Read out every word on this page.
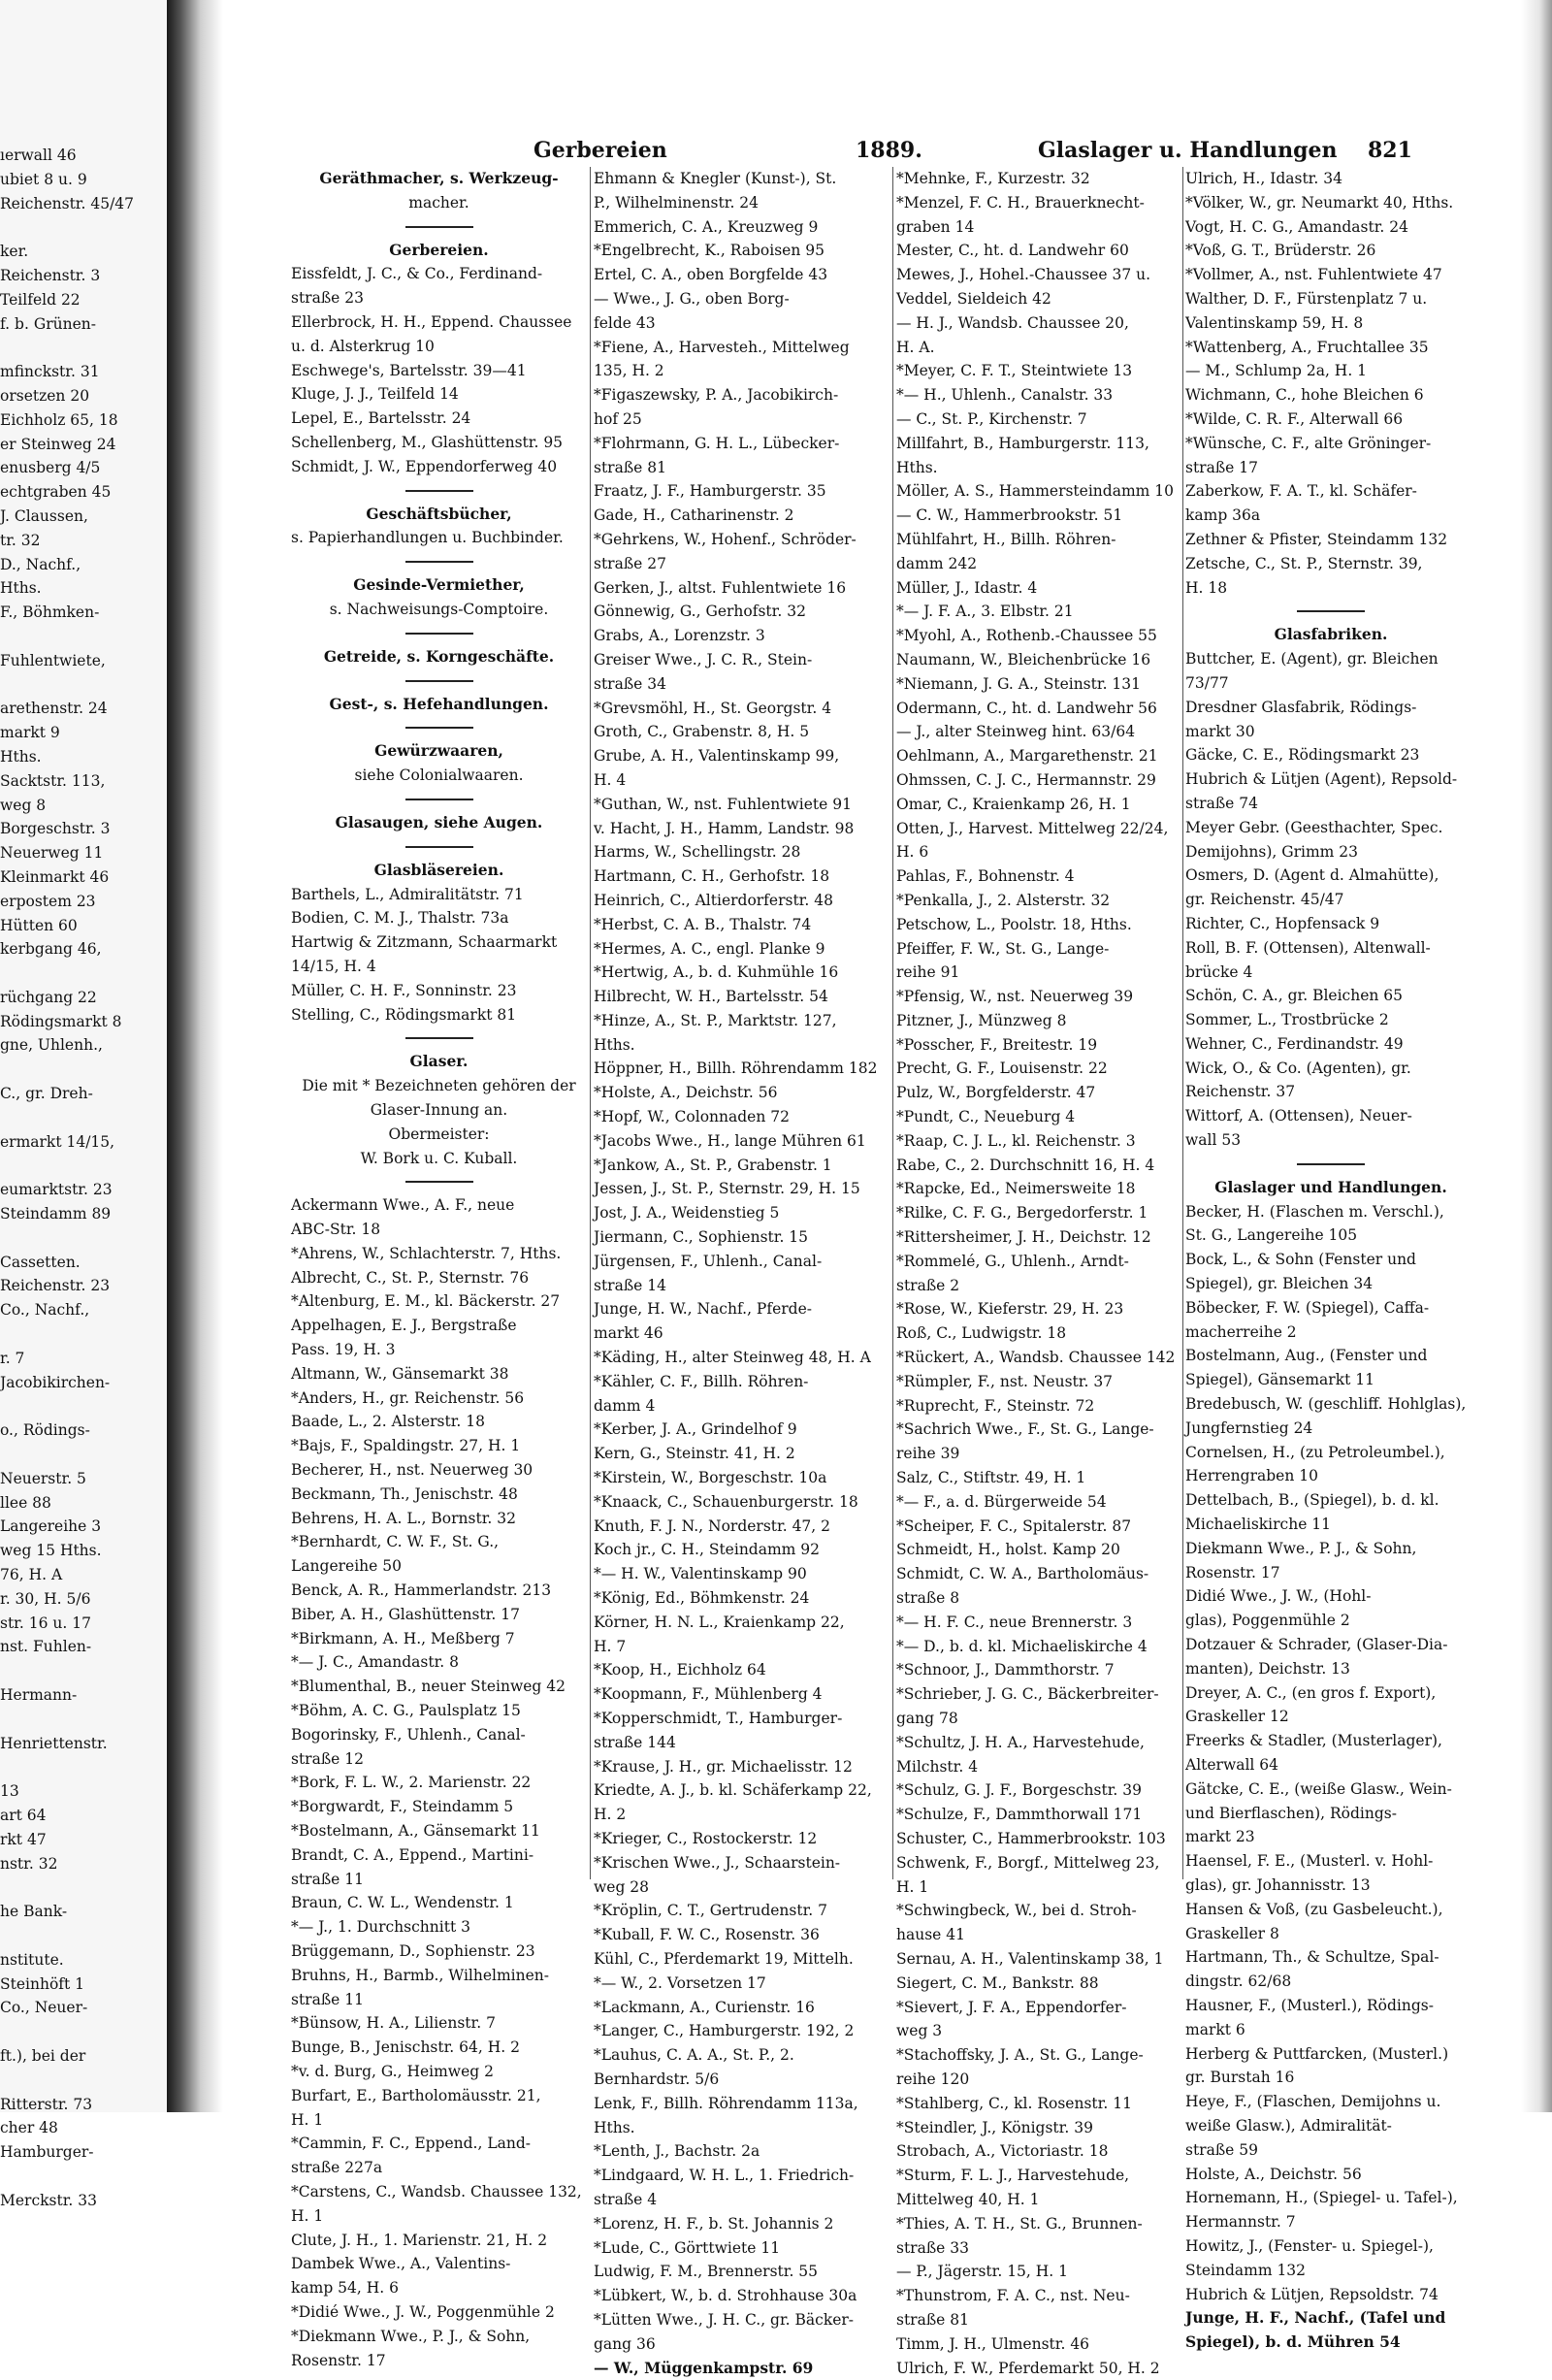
ıerwall 46
ubiet 8 u. 9
Reichenstr. 45/47

ker.
Reichenstr. 3
Teilfeld 22
f. b. Grünen-

mfinckstr. 31
orsetzen 20
Eichholz 65, 18
er Steinweg 24
enusberg 4/5
echtgraben 45
J. Claussen,
tr. 32
D., Nachf.,
Hths.
F., Böhmken-

Fuhlentwiete,

arethenstr. 24
markt 9
Hths.
Sacktstr. 113,
weg 8
Borgeschstr. 3
Neuerweg 11
Kleinmarkt 46
erpostem 23
Hütten 60
kerbgang 46,

rüchgang 22
Rödingsmarkt 8
gne, Uhlenh.,

C., gr. Dreh-

ermarkt 14/15,

eumarktstr. 23
Steindamm 89

Cassetten.
Reichenstr. 23
Co., Nachf.,

r. 7
Jacobikirchen-

o., Rödings-

Neuerstr. 5
llee 88
Langereihe 3
weg 15 Hths.
76, H. A
r. 30, H. 5/6
str. 16 u. 17
nst. Fuhlen-

Hermann-

Henriettenstr.

13
art 64
rkt 47
nstr. 32

he Bank-

nstitute.
Steinhöft 1
Co., Neuer-

ft.), bei der

Ritterstr. 73
cher 48
Hamburger-

Merckstr. 33
Gerbereien	1889.	Glaslager u. Handlungen 821
Geräthmacher, s. Werkzeug-
macher.
Gerbereien.
Eissfeldt, J. C., & Co., Ferdinand-
straße 23
Ellerbrock, H. H., Eppend. Chaussee
u. d. Alsterkrug 10
Eschwege's, Bartelsstr. 39—41
Kluge, J. J., Teilfeld 14
Lepel, E., Bartelsstr. 24
Schellenberg, M., Glashüttenstr. 95
Schmidt, J. W., Eppendorferweg 40
Geschäftsbücher,
s. Papierhandlungen u. Buchbinder.
Gesinde-Vermiether,
s. Nachweisungs-Comptoire.
Getreide, s. Korngeschäfte.
Gest-, s. Hefehandlungen.
Gewürzwaaren,
siehe Colonialwaaren.
Glasaugen, siehe Augen.
Glasbläsereien.
Barthels, L., Admiralitätstr. 71
Bodien, C. M. J., Thalstr. 73a
Hartwig & Zitzmann, Schaarmarkt
14/15, H. 4
Müller, C. H. F., Sonninstr. 23
Stelling, C., Rödingsmarkt 81
Glaser.
Die mit * Bezeichneten gehören der
Glaser-Innung an.
Obermeister:
W. Bork u. C. Kuball.
Ackermann Wwe., A. F., neue
ABC-Str. 18
*Ahrens, W., Schlachterstr. 7, Hths.
Albrecht, C., St. P., Sternstr. 76
*Altenburg, E. M., kl. Bäckerstr. 27
Appelhagen, E. J., Bergstraße
Pass. 19, H. 3
Altmann, W., Gänsemarkt 38
*Anders, H., gr. Reichenstr. 56
Baade, L., 2. Alsterstr. 18
*Bajs, F., Spaldingstr. 27, H. 1
Becherer, H., nst. Neuerweg 30
Beckmann, Th., Jenischstr. 48
Behrens, H. A. L., Bornstr. 32
*Bernhardt, C. W. F., St. G.,
Langereihe 50
Benck, A. R., Hammerlandstr. 213
Biber, A. H., Glashüttenstr. 17
*Birkmann, A. H., Meßberg 7
*— J. C., Amandastr. 8
*Blumenthal, B., neuer Steinweg 42
*Böhm, A. C. G., Paulsplatz 15
Bogorinsky, F., Uhlenh., Canal-
straße 12
*Bork, F. L. W., 2. Marienstr. 22
*Borgwardt, F., Steindamm 5
*Bostelmann, A., Gänsemarkt 11
Brandt, C. A., Eppend., Martini-
straße 11
Braun, C. W. L., Wendenstr. 1
*— J., 1. Durchschnitt 3
Brüggemann, D., Sophienstr. 23
Bruhns, H., Barmb., Wilhelminen-
straße 11
*Bünsow, H. A., Lilienstr. 7
Bunge, B., Jenischstr. 64, H. 2
*v. d. Burg, G., Heimweg 2
Burfart, E., Bartholomäusstr. 21,
H. 1
*Cammin, F. C., Eppend., Land-
straße 227a
*Carstens, C., Wandsb. Chaussee 132,
H. 1
Clute, J. H., 1. Marienstr. 21, H. 2
Dambek Wwe., A., Valentins-
kamp 54, H. 6
*Didié Wwe., J. W., Poggenmühle 2
*Diekmann Wwe., P. J., & Sohn,
Rosenstr. 17
Ehmann & Knegler (Kunst-), St.
P., Wilhelminenstr. 24
Emmerich, C. A., Kreuzweg 9
*Engelbrecht, K., Raboisen 95
Ertel, C. A., oben Borgfelde 43
— Wwe., J. G., oben Borg-
felde 43
*Fiene, A., Harvesteh., Mittelweg
135, H. 2
*Figaszewsky, P. A., Jacobikirch-
hof 25
*Flohrmann, G. H. L., Lübecker-
straße 81
Fraatz, J. F., Hamburgerstr. 35
Gade, H., Catharinenstr. 2
*Gehrkens, W., Hohenf., Schröder-
straße 27
Gerken, J., altst. Fuhlentwiete 16
Gönnewig, G., Gerhofstr. 32
Grabs, A., Lorenzstr. 3
Greiser Wwe., J. C. R., Stein-
straße 34
*Grevsmöhl, H., St. Georgstr. 4
Groth, C., Grabenstr. 8, H. 5
Grube, A. H., Valentinskamp 99,
H. 4
*Guthan, W., nst. Fuhlentwiete 91
v. Hacht, J. H., Hamm, Landstr. 98
Harms, W., Schellingstr. 28
Hartmann, C. H., Gerhofstr. 18
Heinrich, C., Altierdorferstr. 48
*Herbst, C. A. B., Thalstr. 74
*Hermes, A. C., engl. Planke 9
*Hertwig, A., b. d. Kuhmühle 16
Hilbrecht, W. H., Bartelsstr. 54
*Hinze, A., St. P., Marktstr. 127,
Hths.
Höppner, H., Billh. Röhrendamm 182
*Holste, A., Deichstr. 56
*Hopf, W., Colonnaden 72
*Jacobs Wwe., H., lange Mühren 61
*Jankow, A., St. P., Grabenstr. 1
Jessen, J., St. P., Sternstr. 29, H. 15
Jost, J. A., Weidenstieg 5
Jiermann, C., Sophienstr. 15
Jürgensen, F., Uhlenh., Canal-
straße 14
Junge, H. W., Nachf., Pferde-
markt 46
*Käding, H., alter Steinweg 48, H. A
*Kähler, C. F., Billh. Röhren-
damm 4
*Kerber, J. A., Grindelhof 9
Kern, G., Steinstr. 41, H. 2
*Kirstein, W., Borgeschstr. 10a
*Knaack, C., Schauenburgerstr. 18
Knuth, F. J. N., Norderstr. 47, 2
Koch jr., C. H., Steindamm 92
*— H. W., Valentinskamp 90
*König, Ed., Böhmkenstr. 24
Körner, H. N. L., Kraienkamp 22,
H. 7
*Koop, H., Eichholz 64
*Koopmann, F., Mühlenberg 4
*Kopperschmidt, T., Hamburger-
straße 144
*Krause, J. H., gr. Michaelisstr. 12
Kriedte, A. J., b. kl. Schäferkamp 22,
H. 2
*Krieger, C., Rostockerstr. 12
*Krischen Wwe., J., Schaarstein-
weg 28
*Kröplin, C. T., Gertrudenstr. 7
*Kuball, F. W. C., Rosenstr. 36
Kühl, C., Pferdemarkt 19, Mittelh.
*— W., 2. Vorsetzen 17
*Lackmann, A., Curienstr. 16
*Langer, C., Hamburgerstr. 192, 2
*Lauhus, C. A. A., St. P., 2.
Bernhardstr. 5/6
Lenk, F., Billh. Röhrendamm 113a,
Hths.
*Lenth, J., Bachstr. 2a
*Lindgaard, W. H. L., 1. Friedrich-
straße 4
*Lorenz, H. F., b. St. Johannis 2
*Lude, C., Görttwiete 11
Ludwig, F. M., Brennerstr. 55
*Lübkert, W., b. d. Strohhause 30a
*Lütten Wwe., J. H. C., gr. Bäcker-
gang 36
— W., Müggenkampstr. 69
*Mehnke, F., Kurzestr. 32
*Menzel, F. C. H., Brauerknecht-
graben 14
Mester, C., ht. d. Landwehr 60
Mewes, J., Hohel.-Chaussee 37 u.
Veddel, Sieldeich 42
— H. J., Wandsb. Chaussee 20,
H. A.
*Meyer, C. F. T., Steintwiete 13
*— H., Uhlenh., Canalstr. 33
— C., St. P., Kirchenstr. 7
Millfahrt, B., Hamburgerstr. 113,
Hths.
Möller, A. S., Hammersteindamm 10
— C. W., Hammerbrookstr. 51
Mühlfahrt, H., Billh. Röhren-
damm 242
Müller, J., Idastr. 4
*— J. F. A., 3. Elbstr. 21
*Myohl, A., Rothenb.-Chaussee 55
Naumann, W., Bleichenbrücke 16
*Niemann, J. G. A., Steinstr. 131
Odermann, C., ht. d. Landwehr 56
— J., alter Steinweg hint. 63/64
Oehlmann, A., Margarethenstr. 21
Ohmssen, C. J. C., Hermannstr. 29
Omar, C., Kraienkamp 26, H. 1
Otten, J., Harvest. Mittelweg 22/24,
H. 6
Pahlas, F., Bohnenstr. 4
*Penkalla, J., 2. Alsterstr. 32
Petschow, L., Poolstr. 18, Hths.
Pfeiffer, F. W., St. G., Lange-
reihe 91
*Pfensig, W., nst. Neuerweg 39
Pitzner, J., Münzweg 8
*Posscher, F., Breitestr. 19
Precht, G. F., Louisenstr. 22
Pulz, W., Borgfelderstr. 47
*Pundt, C., Neueburg 4
*Raap, C. J. L., kl. Reichenstr. 3
Rabe, C., 2. Durchschnitt 16, H. 4
*Rapcke, Ed., Neimersweite 18
*Rilke, C. F. G., Bergedorferstr. 1
*Rittersheimer, J. H., Deichstr. 12
*Rommelé, G., Uhlenh., Arndt-
straße 2
*Rose, W., Kieferstr. 29, H. 23
Roß, C., Ludwigstr. 18
*Rückert, A., Wandsb. Chaussee 142
*Rümpler, F., nst. Neustr. 37
*Ruprecht, F., Steinstr. 72
*Sachrich Wwe., F., St. G., Lange-
reihe 39
Salz, C., Stiftstr. 49, H. 1
*— F., a. d. Bürgerweide 54
*Scheiper, F. C., Spitalerstr. 87
Schmeidt, H., holst. Kamp 20
Schmidt, C. W. A., Bartholomäus-
straße 8
*— H. F. C., neue Brennerstr. 3
*— D., b. d. kl. Michaeliskirche 4
*Schnoor, J., Dammthorstr. 7
*Schrieber, J. G. C., Bäckerbreiter-
gang 78
*Schultz, J. H. A., Harvestehude,
Milchstr. 4
*Schulz, G. J. F., Borgeschstr. 39
*Schulze, F., Dammthorwall 171
Schuster, C., Hammerbrookstr. 103
Schwenk, F., Borgf., Mittelweg 23,
H. 1
*Schwingbeck, W., bei d. Stroh-
hause 41
Sernau, A. H., Valentinskamp 38, 1
Siegert, C. M., Bankstr. 88
*Sievert, J. F. A., Eppendorfer-
weg 3
*Stachoffsky, J. A., St. G., Lange-
reihe 120
*Stahlberg, C., kl. Rosenstr. 11
*Steindler, J., Königstr. 39
Strobach, A., Victoriastr. 18
*Sturm, F. L. J., Harvestehude,
Mittelweg 40, H. 1
*Thies, A. T. H., St. G., Brunnen-
straße 33
— P., Jägerstr. 15, H. 1
*Thunstrom, F. A. C., nst. Neu-
straße 81
Timm, J. H., Ulmenstr. 46
Ulrich, F. W., Pferdemarkt 50, H. 2
Ulrich, H., Idastr. 34
*Völker, W., gr. Neumarkt 40, Hths.
Vogt, H. C. G., Amandastr. 24
*Voß, G. T., Brüderstr. 26
*Vollmer, A., nst. Fuhlentwiete 47
Walther, D. F., Fürstenplatz 7 u.
Valentinskamp 59, H. 8
*Wattenberg, A., Fruchtallee 35
— M., Schlump 2a, H. 1
Wichmann, C., hohe Bleichen 6
*Wilde, C. R. F., Alterwall 66
*Wünsche, C. F., alte Gröninger-
straße 17
Zaberkow, F. A. T., kl. Schäfer-
kamp 36a
Zethner & Pfister, Steindamm 132
Zetsche, C., St. P., Sternstr. 39,
H. 18
Glasfabriken.
Buttcher, E. (Agent), gr. Bleichen
73/77
Dresdner Glasfabrik, Rödings-
markt 30
Gäcke, C. E., Rödingsmarkt 23
Hubrich & Lütjen (Agent), Repsold-
straße 74
Meyer Gebr. (Geesthachter, Spec.
Demijohns), Grimm 23
Osmers, D. (Agent d. Almahütte),
gr. Reichenstr. 45/47
Richter, C., Hopfensack 9
Roll, B. F. (Ottensen), Altenwall-
brücke 4
Schön, C. A., gr. Bleichen 65
Sommer, L., Trostbrücke 2
Wehner, C., Ferdinandstr. 49
Wick, O., & Co. (Agenten), gr.
Reichenstr. 37
Wittorf, A. (Ottensen), Neuer-
wall 53
Glaslager und Handlungen.
Becker, H. (Flaschen m. Verschl.),
St. G., Langereihe 105
Bock, L., & Sohn (Fenster und
Spiegel), gr. Bleichen 34
Böbecker, F. W. (Spiegel), Caffa-
macherreihe 2
Bostelmann, Aug., (Fenster und
Spiegel), Gänsemarkt 11
Bredebusch, W. (geschliff. Hohlglas),
Jungfernstieg 24
Cornelsen, H., (zu Petroleumbel.),
Herrengraben 10
Dettelbach, B., (Spiegel), b. d. kl.
Michaeliskirche 11
Diekmann Wwe., P. J., & Sohn,
Rosenstr. 17
Didié Wwe., J. W., (Hohl-
glas), Poggenmühle 2
Dotzauer & Schrader, (Glaser-Dia-
manten), Deichstr. 13
Dreyer, A. C., (en gros f. Export),
Graskeller 12
Freerks & Stadler, (Musterlager),
Alterwall 64
Gätcke, C. E., (weiße Glasw., Wein-
und Bierflaschen), Rödings-
markt 23
Haensel, F. E., (Musterl. v. Hohl-
glas), gr. Johannisstr. 13
Hansen & Voß, (zu Gasbeleucht.),
Graskeller 8
Hartmann, Th., & Schultze, Spal-
dingstr. 62/68
Hausner, F., (Musterl.), Rödings-
markt 6
Herberg & Puttfarcken, (Musterl.)
gr. Burstah 16
Heye, F., (Flaschen, Demijohns u.
weiße Glasw.), Admiralität-
straße 59
Holste, A., Deichstr. 56
Hornemann, H., (Spiegel- u. Tafel-),
Hermannstr. 7
Howitz, J., (Fenster- u. Spiegel-),
Steindamm 132
Hubrich & Lütjen, Repsoldstr. 74
Junge, H. F., Nachf., (Tafel und
Spiegel), b. d. Mühren 54
